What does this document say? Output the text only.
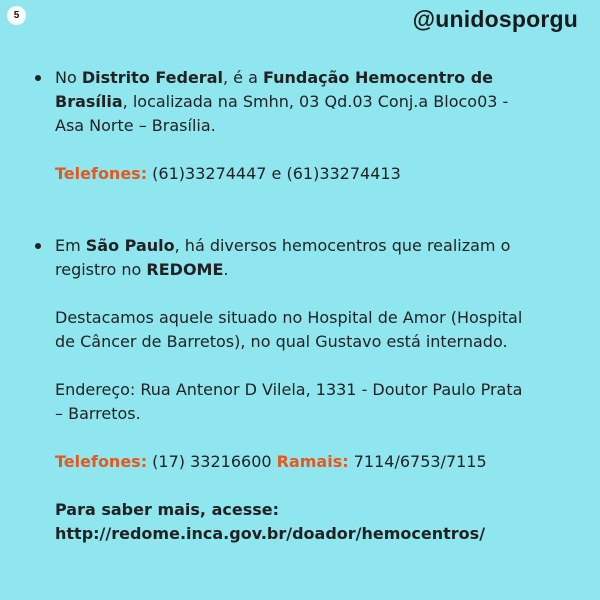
5	@unidosporgu

No Distrito Federal, é a Fundação Hemocentro de Brasília, localizada na Smhn, 03 Qd.03 Conj.a Bloco03 - Asa Norte – Brasília.

Telefones: (61)33274447 e (61)33274413

Em São Paulo, há diversos hemocentros que realizam o registro no REDOME.

Destacamos aquele situado no Hospital de Amor (Hospital de Câncer de Barretos), no qual Gustavo está internado.

Endereço: Rua Antenor D Vilela, 1331 - Doutor Paulo Prata – Barretos.

Telefones: (17) 33216600 Ramais: 7114/6753/7115

Para saber mais, acesse:
http://redome.inca.gov.br/doador/hemocentros/
